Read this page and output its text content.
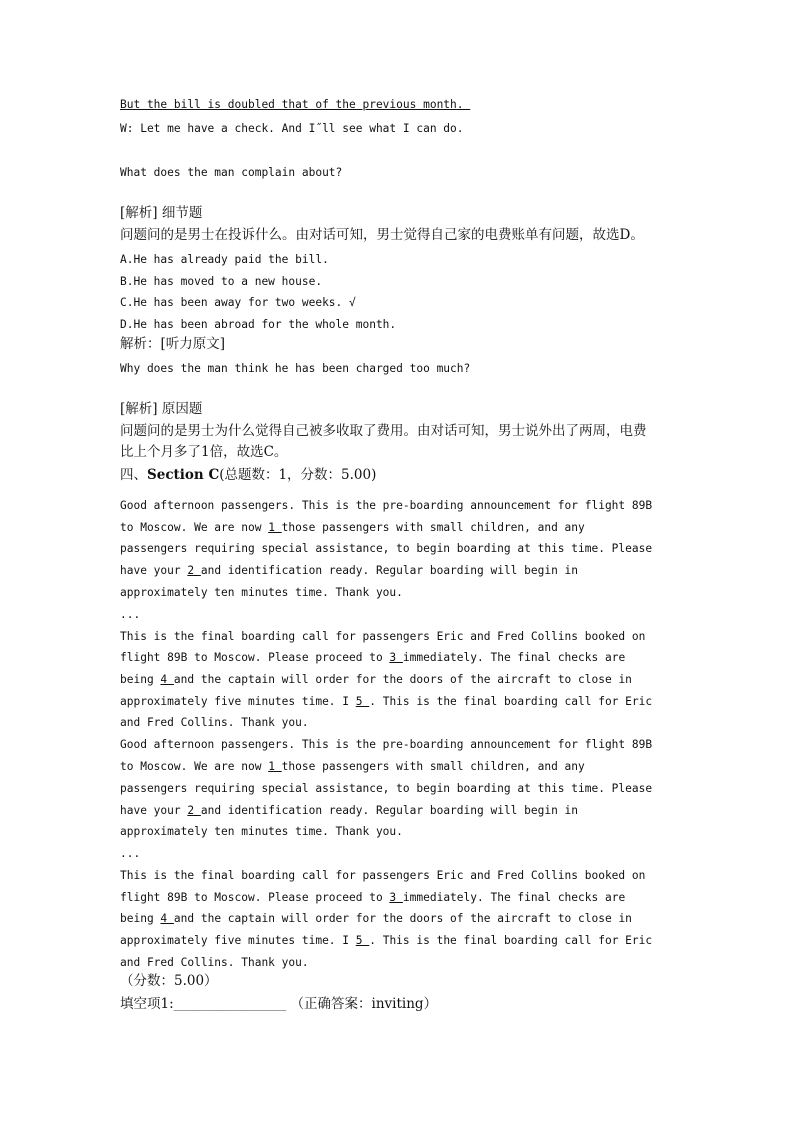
But the bill is doubled that of the previous month.
W: Let me have a check. And I˝ll see what I can do.
What does the man complain about?
[解析] 细节题
问题问的是男士在投诉什么。由对话可知，男士觉得自己家的电费账单有问题，故选D。
A.He has already paid the bill.
B.He has moved to a new house.
C.He has been away for two weeks. √
D.He has been abroad for the whole month.
解析：[听力原文]
Why does the man think he has been charged too much?
[解析] 原因题
问题问的是男士为什么觉得自己被多收取了费用。由对话可知，男士说外出了两周，电费
比上个月多了1倍，故选C。
四、Section C(总题数：1，分数：5.00)
Good afternoon passengers. This is the pre-boarding announcement for flight 89B
to Moscow. We are now 1 those passengers with small children, and any
passengers requiring special assistance, to begin boarding at this time. Please
have your 2 and identification ready. Regular boarding will begin in
approximately ten minutes time. Thank you.
...
This is the final boarding call for passengers Eric and Fred Collins booked on
flight 89B to Moscow. Please proceed to 3 immediately. The final checks are
being 4 and the captain will order for the doors of the aircraft to close in
approximately five minutes time. I 5 . This is the final boarding call for Eric
and Fred Collins. Thank you.
Good afternoon passengers. This is the pre-boarding announcement for flight 89B
to Moscow. We are now 1 those passengers with small children, and any
passengers requiring special assistance, to begin boarding at this time. Please
have your 2 and identification ready. Regular boarding will begin in
approximately ten minutes time. Thank you.
...
This is the final boarding call for passengers Eric and Fred Collins booked on
flight 89B to Moscow. Please proceed to 3 immediately. The final checks are
being 4 and the captain will order for the doors of the aircraft to close in
approximately five minutes time. I 5 . This is the final boarding call for Eric
and Fred Collins. Thank you.
（分数：5.00）
填空项1:_________________ （正确答案：inviting）
